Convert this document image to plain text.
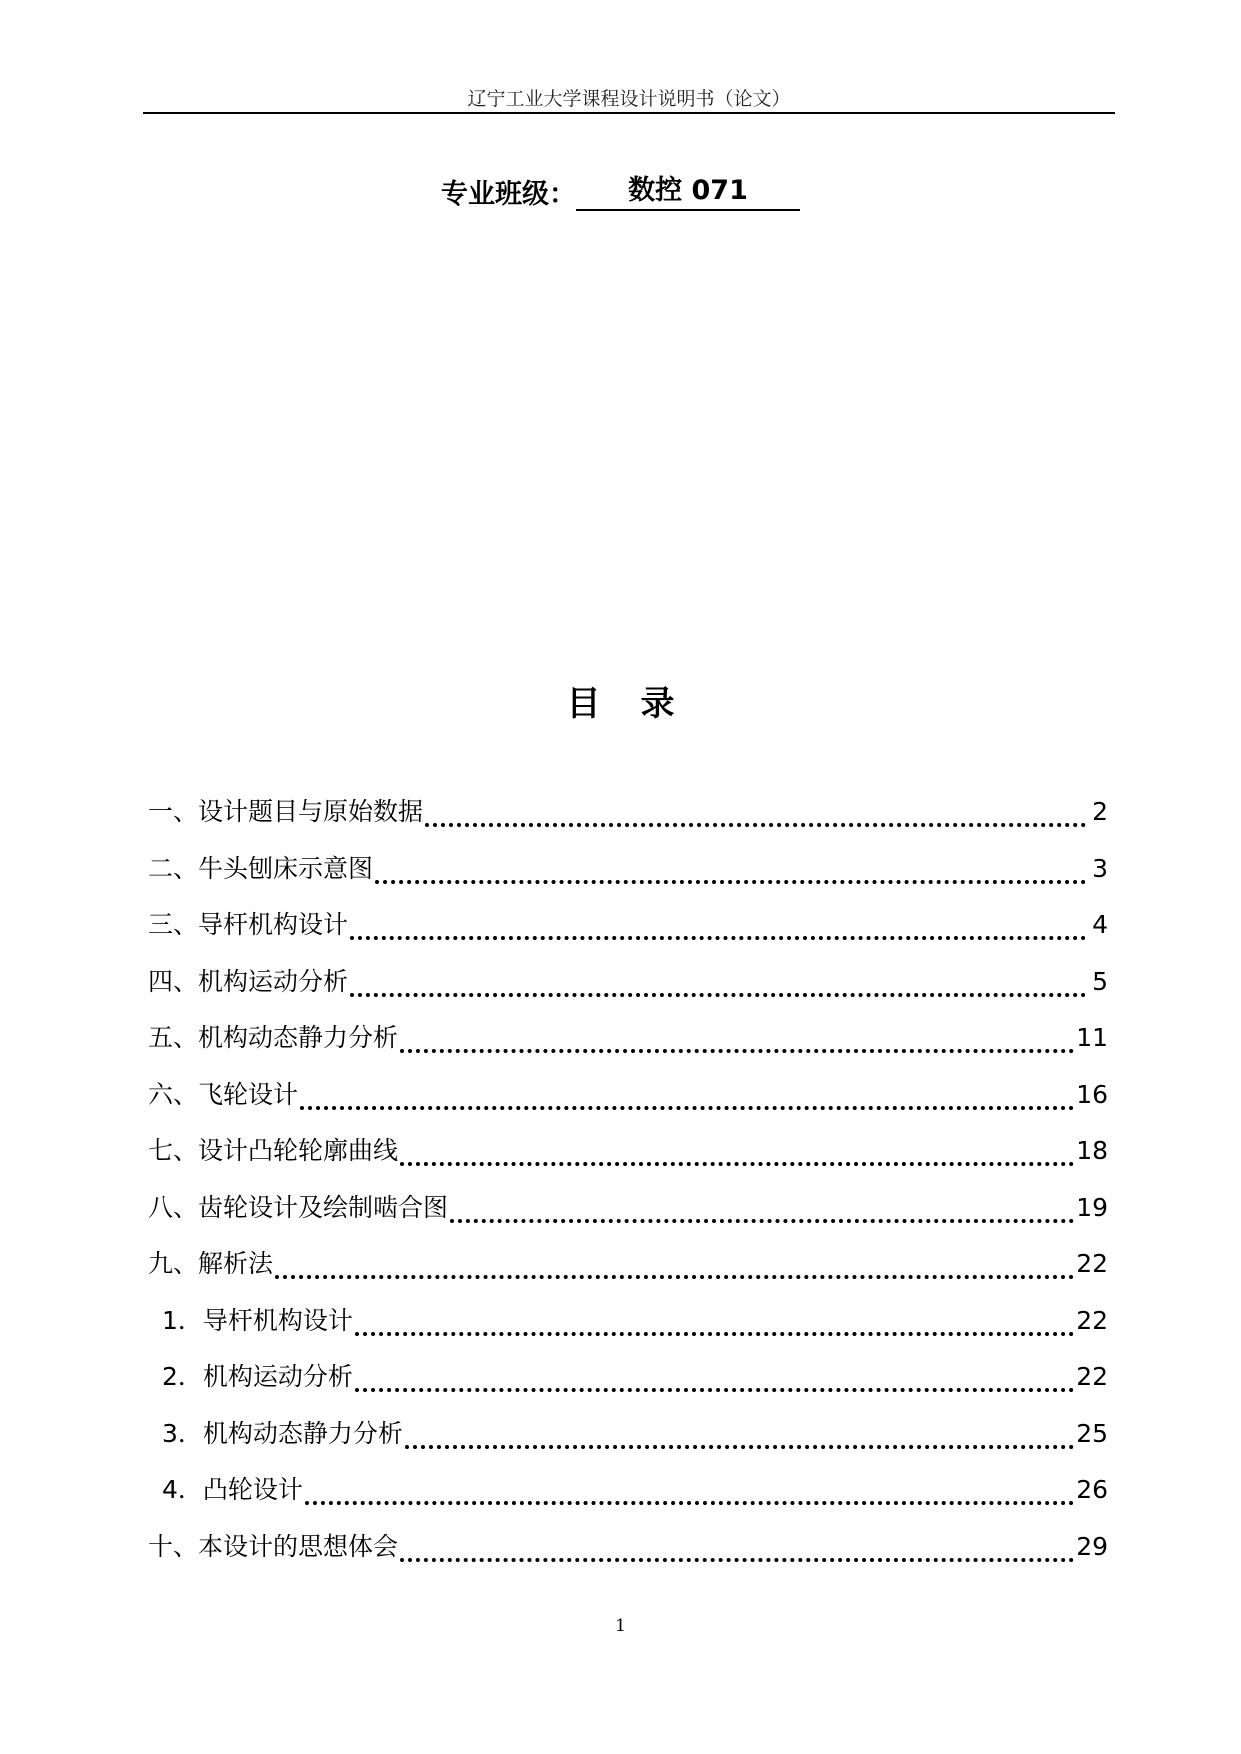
辽宁工业大学课程设计说明书（论文）
专业班级： 数控 071
目录
一、设计题目与原始数据	2
二、牛头刨床示意图	3
三、导杆机构设计	4
四、机构运动分析	5
五、机构动态静力分析	11
六、飞轮设计	16
七、设计凸轮轮廓曲线	18
八、齿轮设计及绘制啮合图	19
九、解析法	22
1．导杆机构设计	22
2．机构运动分析	22
3．机构动态静力分析	25
4．凸轮设计	26
十、本设计的思想体会	29
1
